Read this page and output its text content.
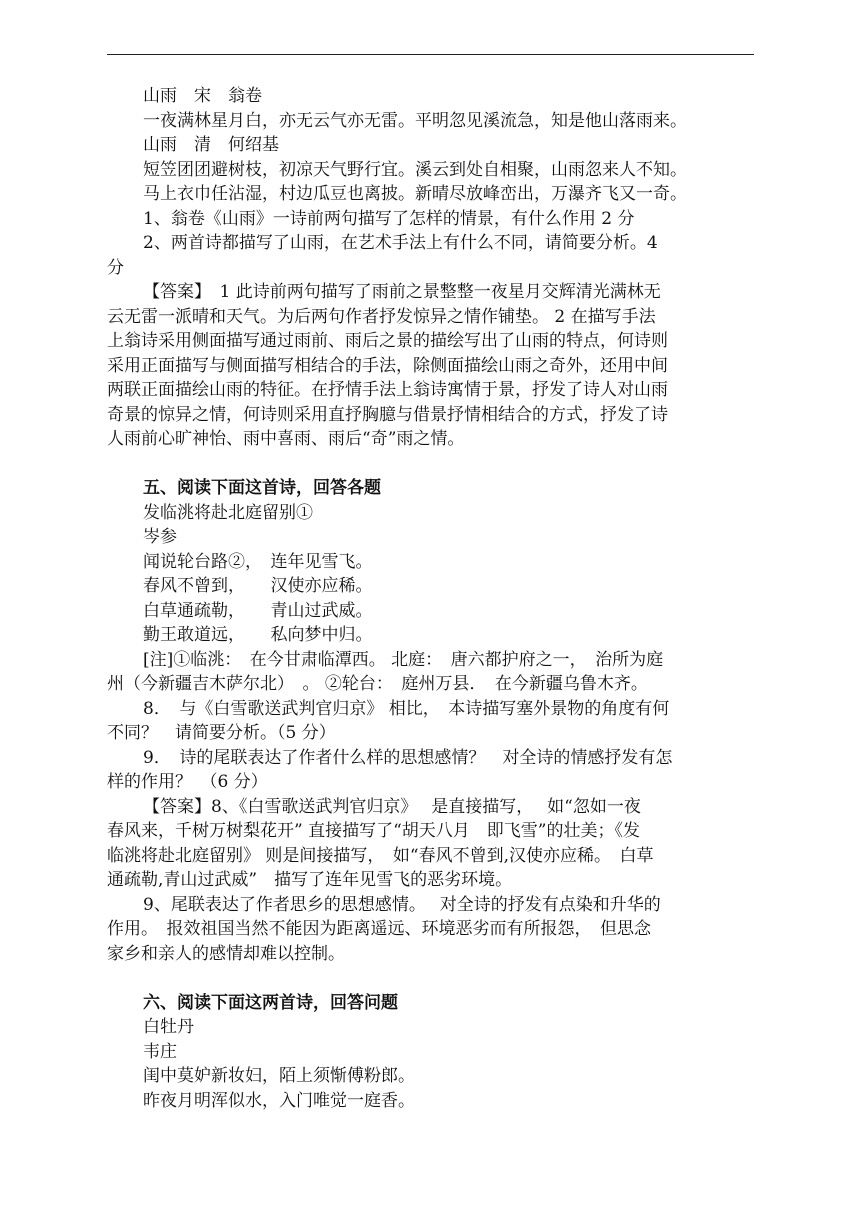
山雨　宋　翁卷
一夜满林星月白，亦无云气亦无雷。平明忽见溪流急，知是他山落雨来。
山雨　清　何绍基
短笠团团避树枝，初凉天气野行宜。溪云到处自相聚，山雨忽来人不知。
马上衣巾任沾湿，村边瓜豆也离披。新晴尽放峰峦出，万瀑齐飞又一奇。
1、翁卷《山雨》一诗前两句描写了怎样的情景，有什么作用 2 分
2、两首诗都描写了山雨，在艺术手法上有什么不同，请简要分析。4
分
【答案】　1 此诗前两句描写了雨前之景整整一夜星月交辉清光满林无
云无雷一派晴和天气。为后两句作者抒发惊异之情作铺垫。 2 在描写手法
上翁诗采用侧面描写通过雨前、雨后之景的描绘写出了山雨的特点，何诗则
采用正面描写与侧面描写相结合的手法，除侧面描绘山雨之奇外，还用中间
两联正面描绘山雨的特征。在抒情手法上翁诗寓情于景，抒发了诗人对山雨
奇景的惊异之情，何诗则采用直抒胸臆与借景抒情相结合的方式，抒发了诗
人雨前心旷神怡、雨中喜雨、雨后“奇”雨之情。
五、阅读下面这首诗，回答各题
发临洮将赴北庭留别①
岑参
闻说轮台路②，　连年见雪飞。
春风不曾到，　　汉使亦应稀。
白草通疏勒，　　青山过武威。
勤王敢道远，　　私向梦中归。
[注]①临洮：　在今甘肃临潭西。 北庭：　唐六都护府之一，　治所为庭
州（今新疆吉木萨尔北）　。 ②轮台：　庭州万县．　在今新疆乌鲁木齐。
8．　与《白雪歌送武判官归京》 相比，　本诗描写塞外景物的角度有何
不同？　请简要分析。（5 分）
9．　诗的尾联表达了作者什么样的思想感情？　对全诗的情感抒发有怎
样的作用？　（6 分）
【答案】8、《白雪歌送武判官归京》　 是直接描写，　 如“忽如一夜
春风来，千树万树梨花开” 直接描写了“胡天八月　即飞雪”的壮美；《发
临洮将赴北庭留别》 则是间接描写，　如“春风不曾到,汉使亦应稀。　白草
通疏勒,青山过武威”　描写了连年见雪飞的恶劣环境。
9、尾联表达了作者思乡的思想感情。　 对全诗的抒发有点染和升华的
作用。　报效祖国当然不能因为距离遥远、环境恶劣而有所报怨，　但思念
家乡和亲人的感情却难以控制。
六、阅读下面这两首诗，回答问题
白牡丹
韦庄
闺中莫妒新妆妇，陌上须惭傅粉郎。
昨夜月明浑似水，入门唯觉一庭香。
